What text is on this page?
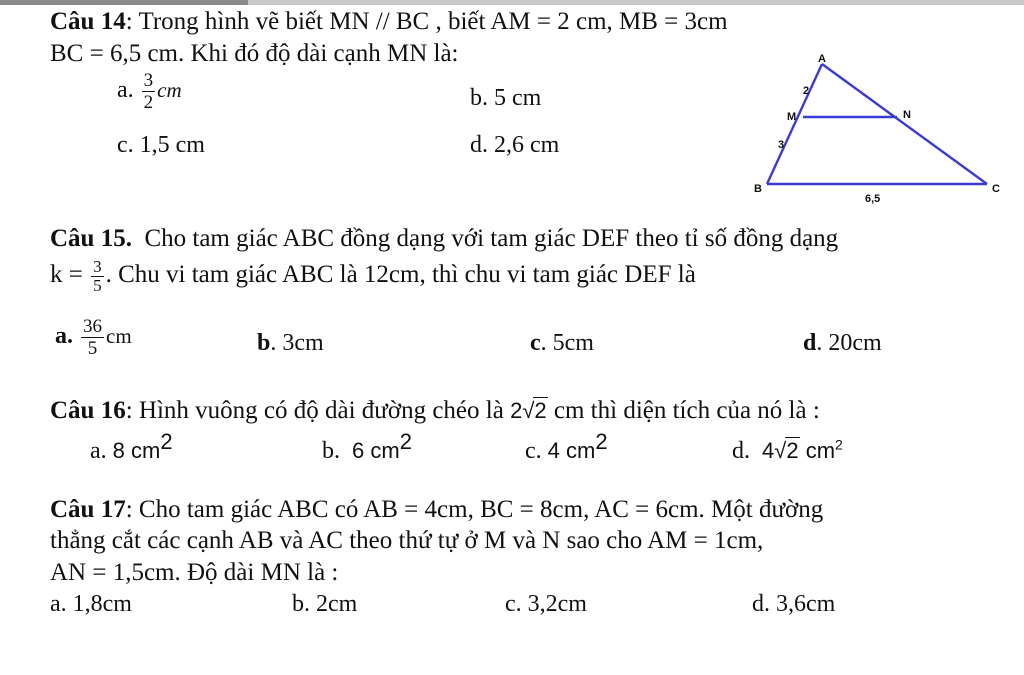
Câu 14: Trong hình vẽ biết MN // BC , biết AM = 2 cm, MB = 3cm
BC = 6,5 cm. Khi đó độ dài cạnh MN là:
a. $\frac{3}{2}$ cm	b. 5 cm
c. 1,5 cm	d. 2,6 cm
A
M	N
B	C
2
3
6,5
Câu 15. Cho tam giác ABC đồng dạng với tam giác DEF theo tỉ số đồng dạng
$k = \frac{3}{5}$ . Chu vi tam giác ABC là 12cm, thì chu vi tam giác DEF là
a. $\frac{36}{5}$ cm	b. 3cm	c. 5cm	d. 20cm
Câu 16: Hình vuông có độ dài đường chéo là 2√2 cm thì diện tích của nó là :
a. 8 $cm^2$	b. 6 $cm^2$	c. 4 $cm^2$	d. 4√2 $cm^2$
Câu 17: Cho tam giác ABC có AB = 4cm, BC = 8cm, AC = 6cm. Một đường
thẳng cắt các cạnh AB và AC theo thứ tự ở M và N sao cho AM = 1cm,
AN = 1,5cm. Độ dài MN là :
a. 1,8cm	b. 2cm	c. 3,2cm	d. 3,6cm
